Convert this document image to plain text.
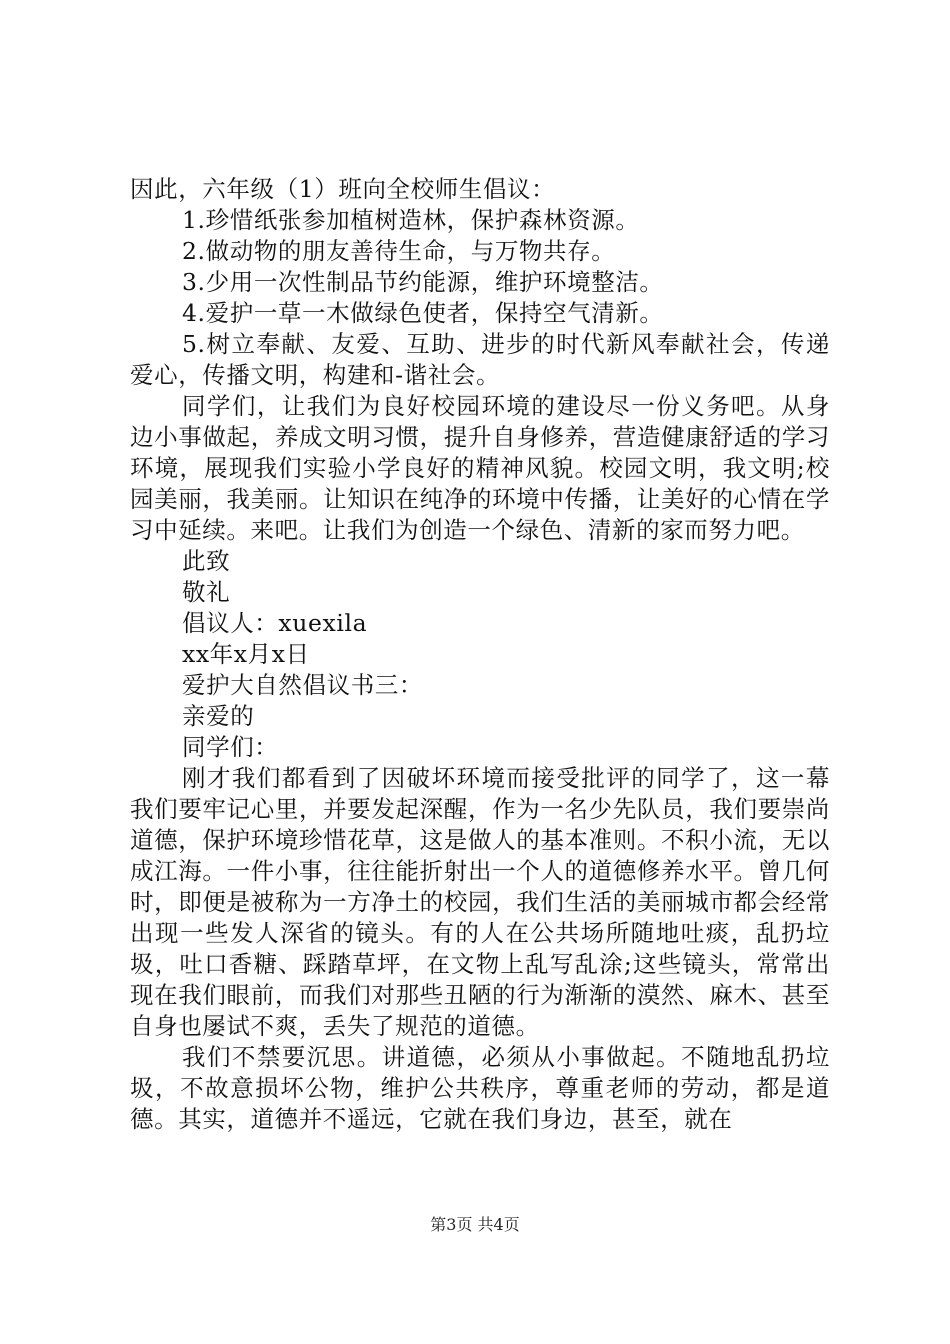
因此，六年级（1）班向全校师生倡议：

1.珍惜纸张参加植树造林，保护森林资源。

2.做动物的朋友善待生命，与万物共存。

3.少用一次性制品节约能源，维护环境整洁。

4.爱护一草一木做绿色使者，保持空气清新。

5.树立奉献、友爱、互助、进步的时代新风奉献社会，传递爱心，传播文明，构建和-谐社会。

同学们，让我们为良好校园环境的建设尽一份义务吧。从身边小事做起，养成文明习惯，提升自身修养，营造健康舒适的学习环境，展现我们实验小学良好的精神风貌。校园文明，我文明;校园美丽，我美丽。让知识在纯净的环境中传播，让美好的心情在学习中延续。来吧。让我们为创造一个绿色、清新的家而努力吧。

此致

敬礼

倡议人：xuexila

xx年x月x日

爱护大自然倡议书三：

亲爱的

同学们：

刚才我们都看到了因破坏环境而接受批评的同学了，这一幕我们要牢记心里，并要发起深醒，作为一名少先队员，我们要崇尚道德，保护环境珍惜花草，这是做人的基本准则。不积小流，无以成江海。一件小事，往往能折射出一个人的道德修养水平。曾几何时，即便是被称为一方净土的校园，我们生活的美丽城市都会经常出现一些发人深省的镜头。有的人在公共场所随地吐痰，乱扔垃圾，吐口香糖、踩踏草坪，在文物上乱写乱涂;这些镜头，常常出现在我们眼前，而我们对那些丑陋的行为渐渐的漠然、麻木、甚至自身也屡试不爽，丢失了规范的道德。

我们不禁要沉思。讲道德，必须从小事做起。不随地乱扔垃圾，不故意损坏公物，维护公共秩序，尊重老师的劳动，都是道德。其实，道德并不遥远，它就在我们身边，甚至，就在

第3页 共4页
